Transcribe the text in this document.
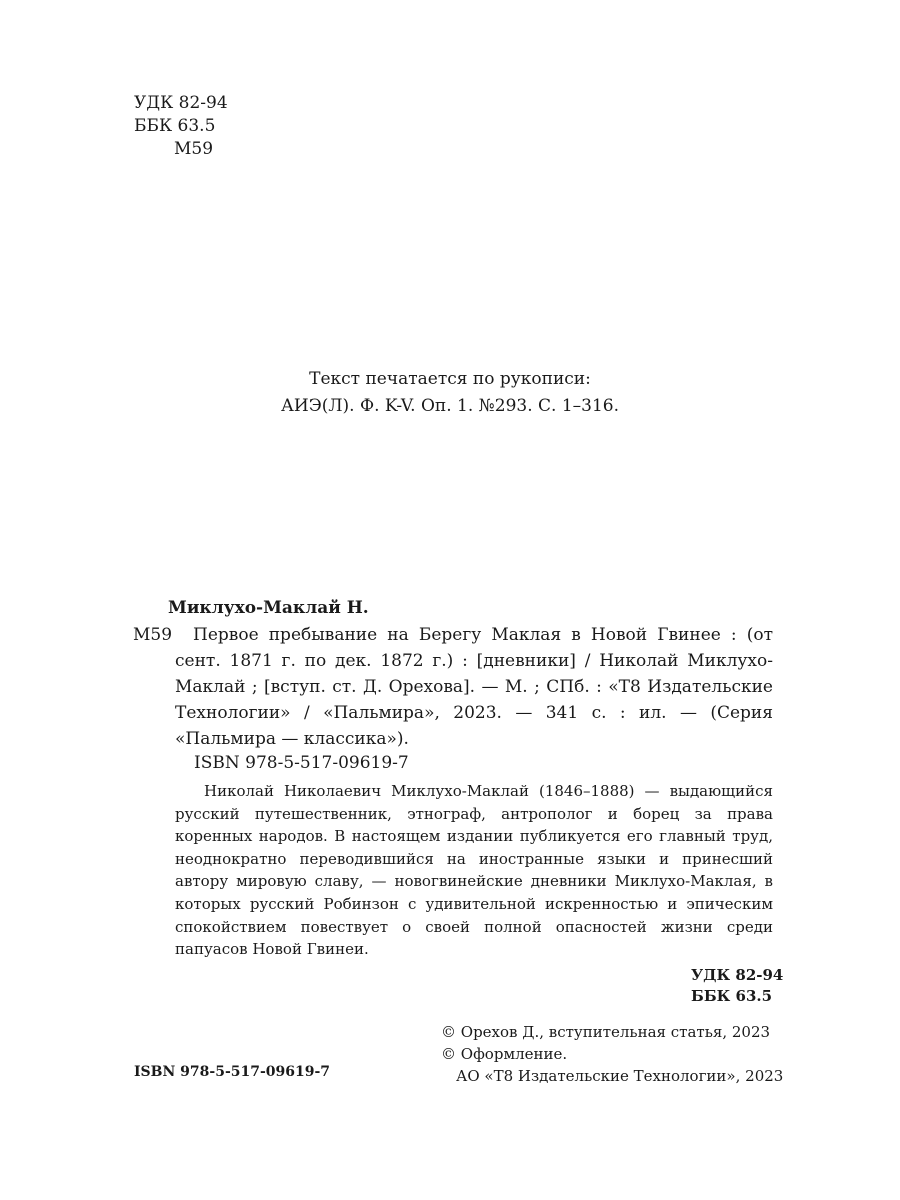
УДК 82-94
ББК 63.5
М59
Текст печатается по рукописи:
АИЭ(Л). Ф. K-V. Оп. 1. №293. С. 1–316.
Миклухо-Маклай Н.
М59	Первое пребывание на Берегу Маклая в Новой Гвинее : (от сент. 1871 г. по дек. 1872 г.) : [дневники] / Николай Миклухо-Маклай ; [вступ. ст. Д. Орехова]. — М. ; СПб. : «Т8 Издательские Технологии» / «Пальмира», 2023. — 341 с. : ил. — (Серия «Пальмира — классика»).
ISBN 978-5-517-09619-7
Николай Николаевич Миклухо-Маклай (1846–1888) — выдающийся русский путешественник, этнограф, антрополог и борец за права коренных народов. В настоящем издании публикуется его главный труд, неоднократно переводившийся на иностранные языки и принесший автору мировую славу, — новогвинейские дневники Миклухо-Маклая, в которых русский Робинзон с удивительной искренностью и эпическим спокойствием повествует о своей полной опасностей жизни среди папуасов Новой Гвинеи.
УДК 82-94
ББК 63.5
© Орехов Д., вступительная статья, 2023
© Оформление.
АО «Т8 Издательские Технологии», 2023
ISBN 978-5-517-09619-7
